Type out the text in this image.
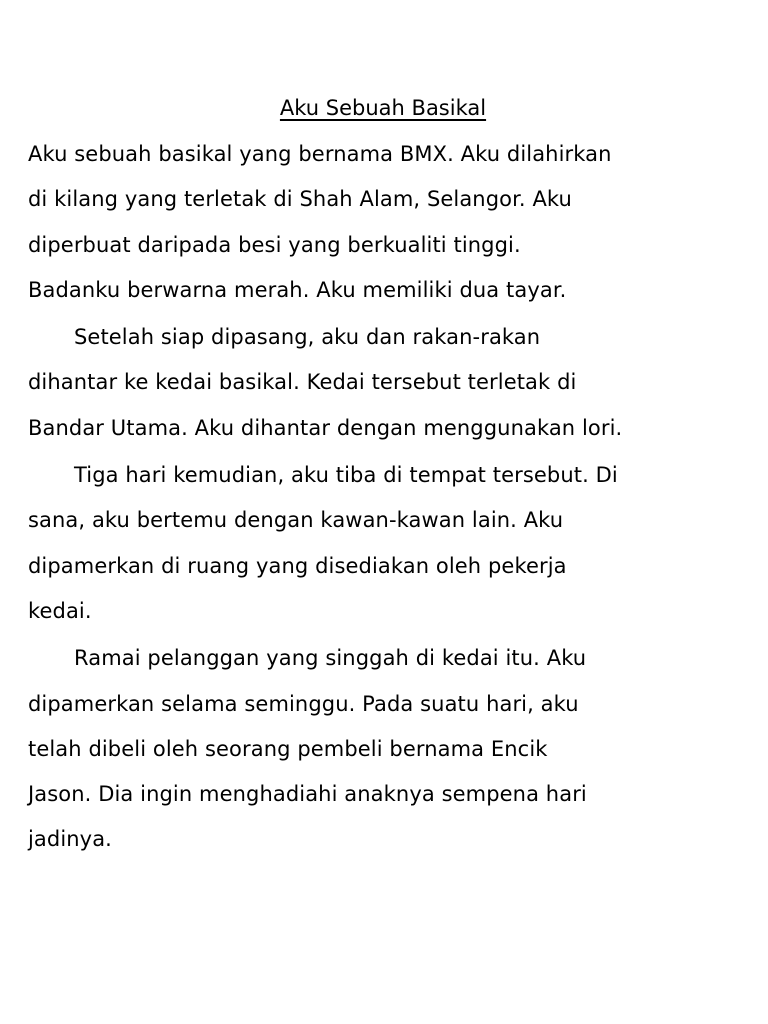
Aku Sebuah Basikal
Aku sebuah basikal yang bernama BMX. Aku dilahirkan
di kilang yang terletak di Shah Alam, Selangor. Aku
diperbuat daripada besi yang berkualiti tinggi.
Badanku berwarna merah. Aku memiliki dua tayar.
Setelah siap dipasang, aku dan rakan-rakan
dihantar ke kedai basikal. Kedai tersebut terletak di
Bandar Utama. Aku dihantar dengan menggunakan lori.
Tiga hari kemudian, aku tiba di tempat tersebut. Di
sana, aku bertemu dengan kawan-kawan lain. Aku
dipamerkan di ruang yang disediakan oleh pekerja
kedai.
Ramai pelanggan yang singgah di kedai itu. Aku
dipamerkan selama seminggu. Pada suatu hari, aku
telah dibeli oleh seorang pembeli bernama Encik
Jason. Dia ingin menghadiahi anaknya sempena hari
jadinya.
